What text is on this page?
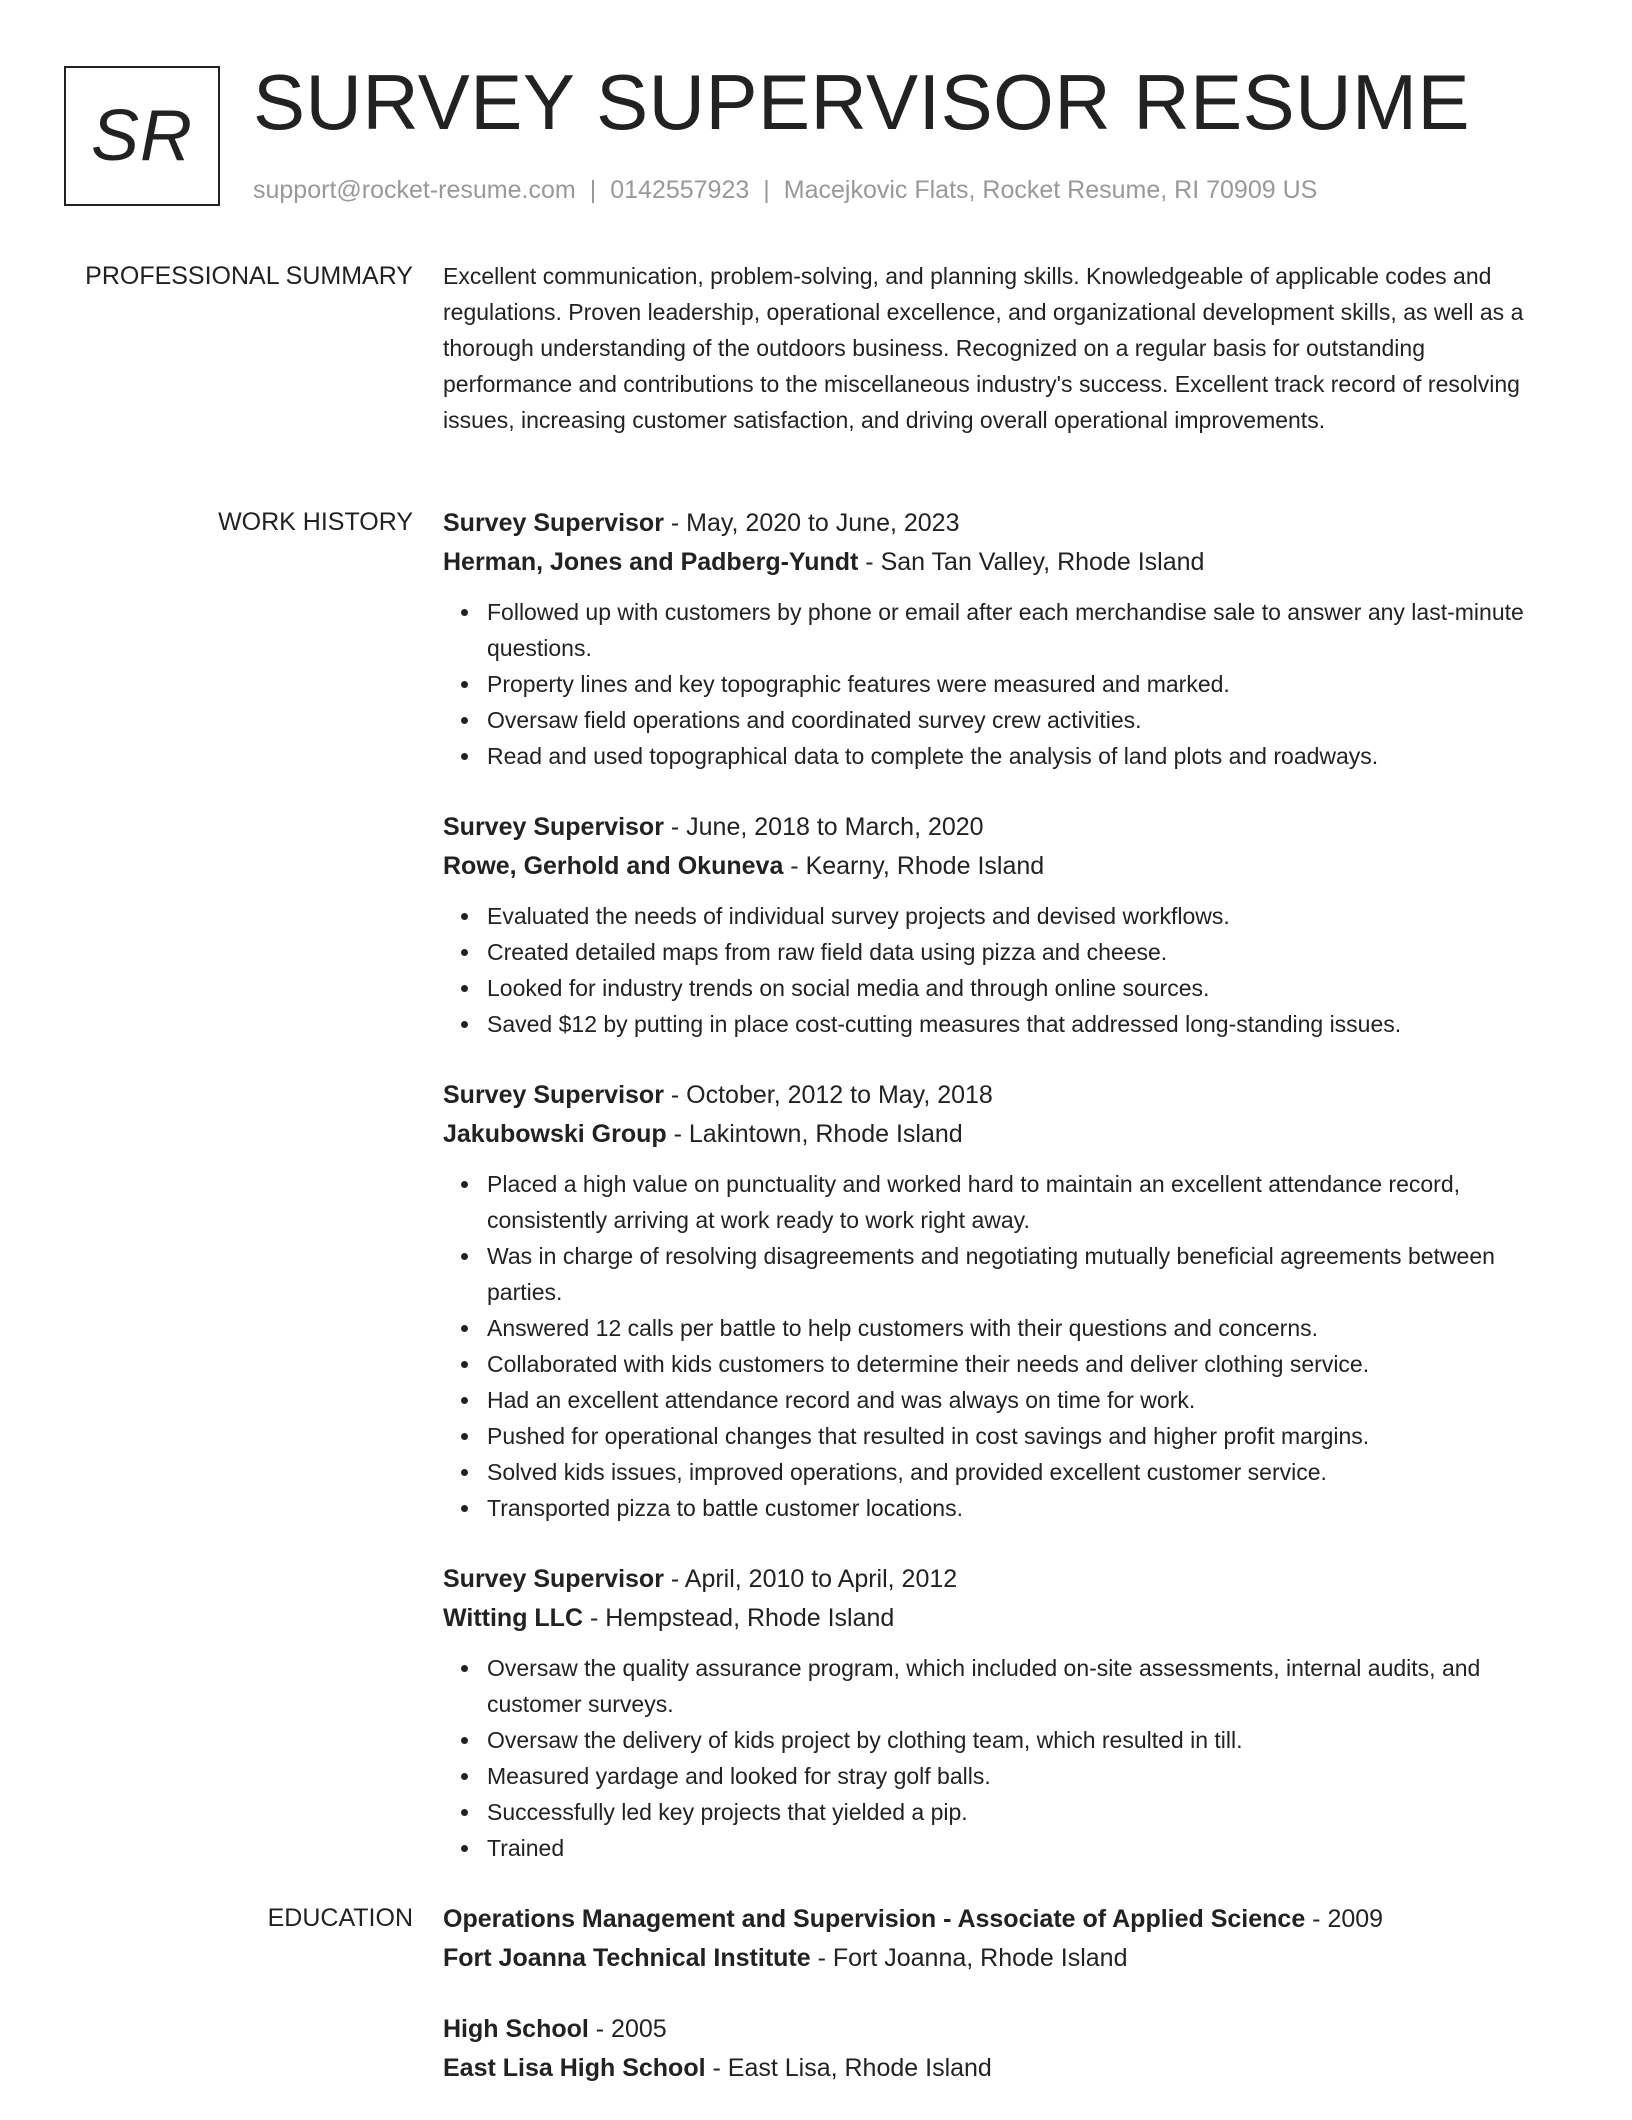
SR SURVEY SUPERVISOR RESUME
support@rocket-resume.com | 0142557923 | Macejkovic Flats, Rocket Resume, RI 70909 US
PROFESSIONAL SUMMARY Excellent communication, problem-solving, and planning skills. Knowledgeable of applicable codes and regulations. Proven leadership, operational excellence, and organizational development skills, as well as a thorough understanding of the outdoors business. Recognized on a regular basis for outstanding performance and contributions to the miscellaneous industry's success. Excellent track record of resolving issues, increasing customer satisfaction, and driving overall operational improvements.

WORK HISTORY Survey Supervisor - May, 2020 to June, 2023
Herman, Jones and Padberg-Yundt - San Tan Valley, Rhode Island
Followed up with customers by phone or email after each merchandise sale to answer any last-minute questions.
Property lines and key topographic features were measured and marked.
Oversaw field operations and coordinated survey crew activities.
Read and used topographical data to complete the analysis of land plots and roadways.
Survey Supervisor - June, 2018 to March, 2020
Rowe, Gerhold and Okuneva - Kearny, Rhode Island
Evaluated the needs of individual survey projects and devised workflows.
Created detailed maps from raw field data using pizza and cheese.
Looked for industry trends on social media and through online sources.
Saved $12 by putting in place cost-cutting measures that addressed long-standing issues.
Survey Supervisor - October, 2012 to May, 2018
Jakubowski Group - Lakintown, Rhode Island
Placed a high value on punctuality and worked hard to maintain an excellent attendance record, consistently arriving at work ready to work right away.
Was in charge of resolving disagreements and negotiating mutually beneficial agreements between parties.
Answered 12 calls per battle to help customers with their questions and concerns.
Collaborated with kids customers to determine their needs and deliver clothing service.
Had an excellent attendance record and was always on time for work.
Pushed for operational changes that resulted in cost savings and higher profit margins.
Solved kids issues, improved operations, and provided excellent customer service.
Transported pizza to battle customer locations.
Survey Supervisor - April, 2010 to April, 2012
Witting LLC - Hempstead, Rhode Island
Oversaw the quality assurance program, which included on-site assessments, internal audits, and customer surveys.
Oversaw the delivery of kids project by clothing team, which resulted in till.
Measured yardage and looked for stray golf balls.
Successfully led key projects that yielded a pip.
Trained
EDUCATION Operations Management and Supervision - Associate of Applied Science - 2009
Fort Joanna Technical Institute - Fort Joanna, Rhode Island
High School - 2005
East Lisa High School - East Lisa, Rhode Island
